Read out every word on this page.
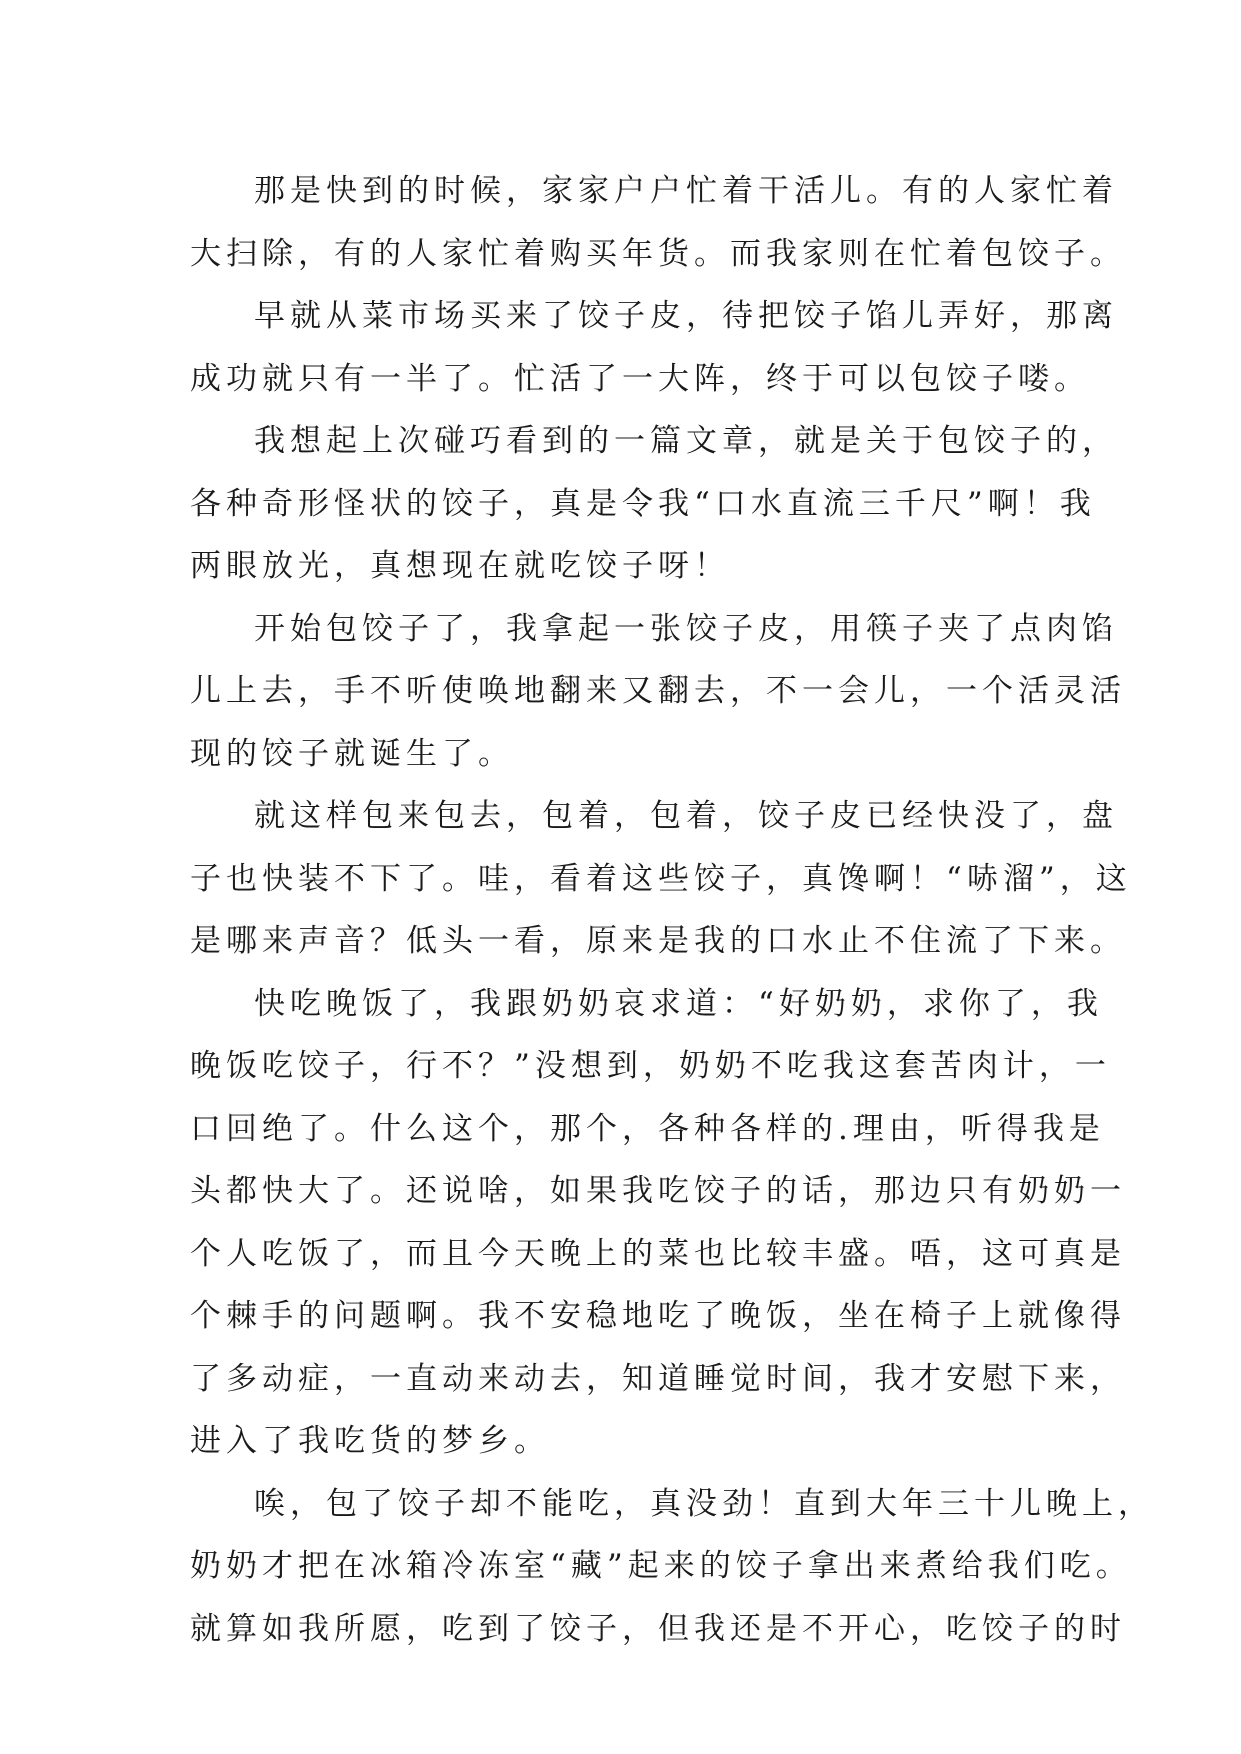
那是快到的时候，家家户户忙着干活儿。有的人家忙着
大扫除，有的人家忙着购买年货。而我家则在忙着包饺子。
早就从菜市场买来了饺子皮，待把饺子馅儿弄好，那离
成功就只有一半了。忙活了一大阵，终于可以包饺子喽。
我想起上次碰巧看到的一篇文章，就是关于包饺子的，
各种奇形怪状的饺子，真是令我“口水直流三千尺”啊！我
两眼放光，真想现在就吃饺子呀！
开始包饺子了，我拿起一张饺子皮，用筷子夹了点肉馅
儿上去，手不听使唤地翻来又翻去，不一会儿，一个活灵活
现的饺子就诞生了。
就这样包来包去，包着，包着，饺子皮已经快没了，盘
子也快装不下了。哇，看着这些饺子，真馋啊！“哧溜”，这
是哪来声音？低头一看，原来是我的口水止不住流了下来。
快吃晚饭了，我跟奶奶哀求道：“好奶奶，求你了，我
晚饭吃饺子，行不？”没想到，奶奶不吃我这套苦肉计，一
口回绝了。什么这个，那个，各种各样的.理由，听得我是
头都快大了。还说啥，如果我吃饺子的话，那边只有奶奶一
个人吃饭了，而且今天晚上的菜也比较丰盛。唔，这可真是
个棘手的问题啊。我不安稳地吃了晚饭，坐在椅子上就像得
了多动症，一直动来动去，知道睡觉时间，我才安慰下来，
进入了我吃货的梦乡。
唉，包了饺子却不能吃，真没劲！直到大年三十儿晚上，
奶奶才把在冰箱冷冻室“藏”起来的饺子拿出来煮给我们吃。
就算如我所愿，吃到了饺子，但我还是不开心，吃饺子的时
